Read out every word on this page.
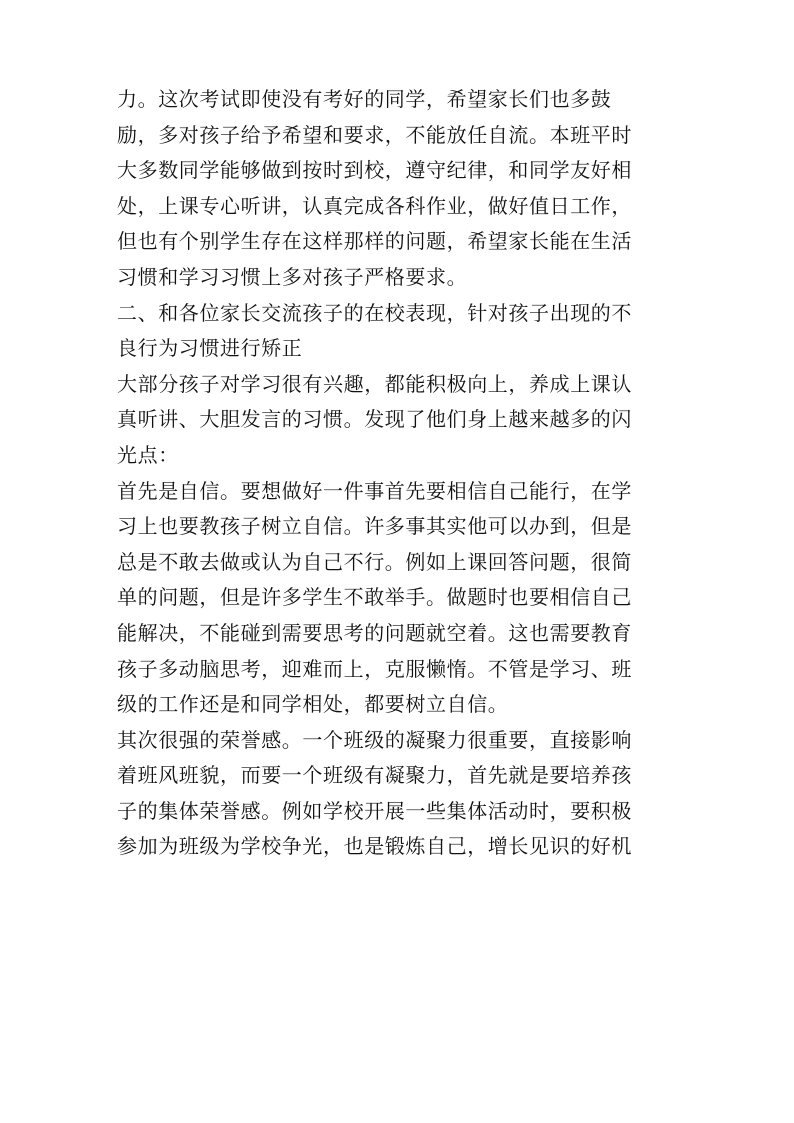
力。这次考试即使没有考好的同学，希望家长们也多鼓
励，多对孩子给予希望和要求，不能放任自流。本班平时
大多数同学能够做到按时到校，遵守纪律，和同学友好相
处，上课专心听讲，认真完成各科作业，做好值日工作，
但也有个别学生存在这样那样的问题，希望家长能在生活
习惯和学习习惯上多对孩子严格要求。
二、和各位家长交流孩子的在校表现，针对孩子出现的不
良行为习惯进行矫正
大部分孩子对学习很有兴趣，都能积极向上，养成上课认
真听讲、大胆发言的习惯。发现了他们身上越来越多的闪
光点：
首先是自信。要想做好一件事首先要相信自己能行，在学
习上也要教孩子树立自信。许多事其实他可以办到，但是
总是不敢去做或认为自己不行。例如上课回答问题，很简
单的问题，但是许多学生不敢举手。做题时也要相信自己
能解决，不能碰到需要思考的问题就空着。这也需要教育
孩子多动脑思考，迎难而上，克服懒惰。不管是学习、班
级的工作还是和同学相处，都要树立自信。
其次很强的荣誉感。一个班级的凝聚力很重要，直接影响
着班风班貌，而要一个班级有凝聚力，首先就是要培养孩
子的集体荣誉感。例如学校开展一些集体活动时，要积极
参加为班级为学校争光，也是锻炼自己，增长见识的好机
